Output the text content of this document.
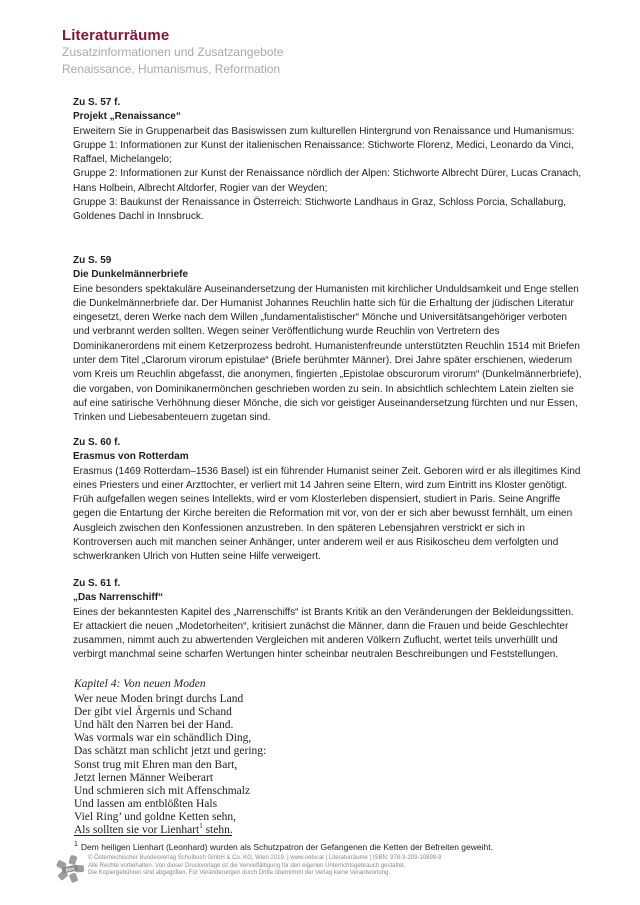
Literaturräume
Zusatzinformationen und Zusatzangebote
Renaissance, Humanismus, Reformation
Zu S. 57 f.
Projekt „Renaissance“
Erweitern Sie in Gruppenarbeit das Basiswissen zum kulturellen Hintergrund von Renaissance und Humanismus:
Gruppe 1: Informationen zur Kunst der italienischen Renaissance: Stichworte Florenz, Medici, Leonardo da Vinci, Raffael, Michelangelo;
Gruppe 2: Informationen zur Kunst der Renaissance nördlich der Alpen: Stichworte Albrecht Dürer, Lucas Cranach, Hans Holbein, Albrecht Altdorfer, Rogier van der Weyden;
Gruppe 3: Baukunst der Renaissance in Österreich: Stichworte Landhaus in Graz, Schloss Porcia, Schallaburg, Goldenes Dachl in Innsbruck.
Zu S. 59
Die Dunkelmännerbriefe
Eine besonders spektakuläre Auseinandersetzung der Humanisten mit kirchlicher Unduldsamkeit und Enge stellen die Dunkelmännerbriefe dar. Der Humanist Johannes Reuchlin hatte sich für die Erhaltung der jüdischen Literatur eingesetzt, deren Werke nach dem Willen „fundamentalistischer“ Mönche und Universitätsangehöriger verboten und verbrannt werden sollten. Wegen seiner Veröffentlichung wurde Reuchlin von Vertretern des Dominikanerordens mit einem Ketzerprozess bedroht. Humanistenfreunde unterstützten Reuchlin 1514 mit Briefen unter dem Titel „Clarorum virorum epistulae“ (Briefe berühmter Männer). Drei Jahre später erschienen, wiederum vom Kreis um Reuchlin abgefasst, die anonymen, fingierten „Epistolae obscurorum virorum“ (Dunkelmännerbriefe), die vorgaben, von Dominikanermönchen geschrieben worden zu sein. In absichtlich schlechtem Latein zielten sie auf eine satirische Verhöhnung dieser Mönche, die sich vor geistiger Auseinandersetzung fürchten und nur Essen, Trinken und Liebesabenteuern zugetan sind.
Zu S. 60 f.
Erasmus von Rotterdam
Erasmus (1469 Rotterdam–1536 Basel) ist ein führender Humanist seiner Zeit. Geboren wird er als illegitimes Kind eines Priesters und einer Arzttochter, er verliert mit 14 Jahren seine Eltern, wird zum Eintritt ins Kloster genötigt. Früh aufgefallen wegen seines Intellekts, wird er vom Klosterleben dispensiert, studiert in Paris. Seine Angriffe gegen die Entartung der Kirche bereiten die Reformation mit vor, von der er sich aber bewusst fernhält, um einen Ausgleich zwischen den Konfessionen anzustreben. In den späteren Lebensjahren verstrickt er sich in Kontroversen auch mit manchen seiner Anhänger, unter anderem weil er aus Risikoscheu dem verfolgten und schwerkranken Ulrich von Hutten seine Hilfe verweigert.
Zu S. 61 f.
„Das Narrenschiff“
Eines der bekanntesten Kapitel des „Narrenschiffs“ ist Brants Kritik an den Veränderungen der Bekleidungssitten. Er attackiert die neuen „Modetorheiten“, kritisiert zunächst die Männer, dann die Frauen und beide Geschlechter zusammen, nimmt auch zu abwertenden Vergleichen mit anderen Völkern Zuflucht, wertet teils unverhüllt und verbirgt manchmal seine scharfen Wertungen hinter scheinbar neutralen Beschreibungen und Feststellungen.
Kapitel 4: Von neuen Moden
Wer neue Moden bringt durchs Land
Der gibt viel Ärgernis und Schand
Und hält den Narren bei der Hand.
Was vormals war ein schändlich Ding,
Das schätzt man schlicht jetzt und gering:
Sonst trug mit Ehren man den Bart,
Jetzt lernen Männer Weiberart
Und schmieren sich mit Affenschmalz
Und lassen am entblößten Hals
Viel Ring’ und goldne Ketten sehn,
Als sollten sie vor Lienhart$^1$ stehn.
$^1$ Dem heiligen Lienhart (Leonhard) wurden als Schutzpatron der Gefangenen die Ketten der Befreiten geweiht.
öbv
© Österreichischer Bundesverlag Schulbuch GmbH & Co. KG, Wien 2019. | www.oebv.at | Literaturräume | ISBN: 978-3-209-10899-9
Alle Rechte vorbehalten. Von dieser Druckvorlage ist die Vervielfältigung für den eigenen Unterrichtsgebrauch gestattet.
Die Kopiergebühren sind abgegolten. Für Veränderungen durch Dritte übernimmt der Verlag keine Verantwortung.
